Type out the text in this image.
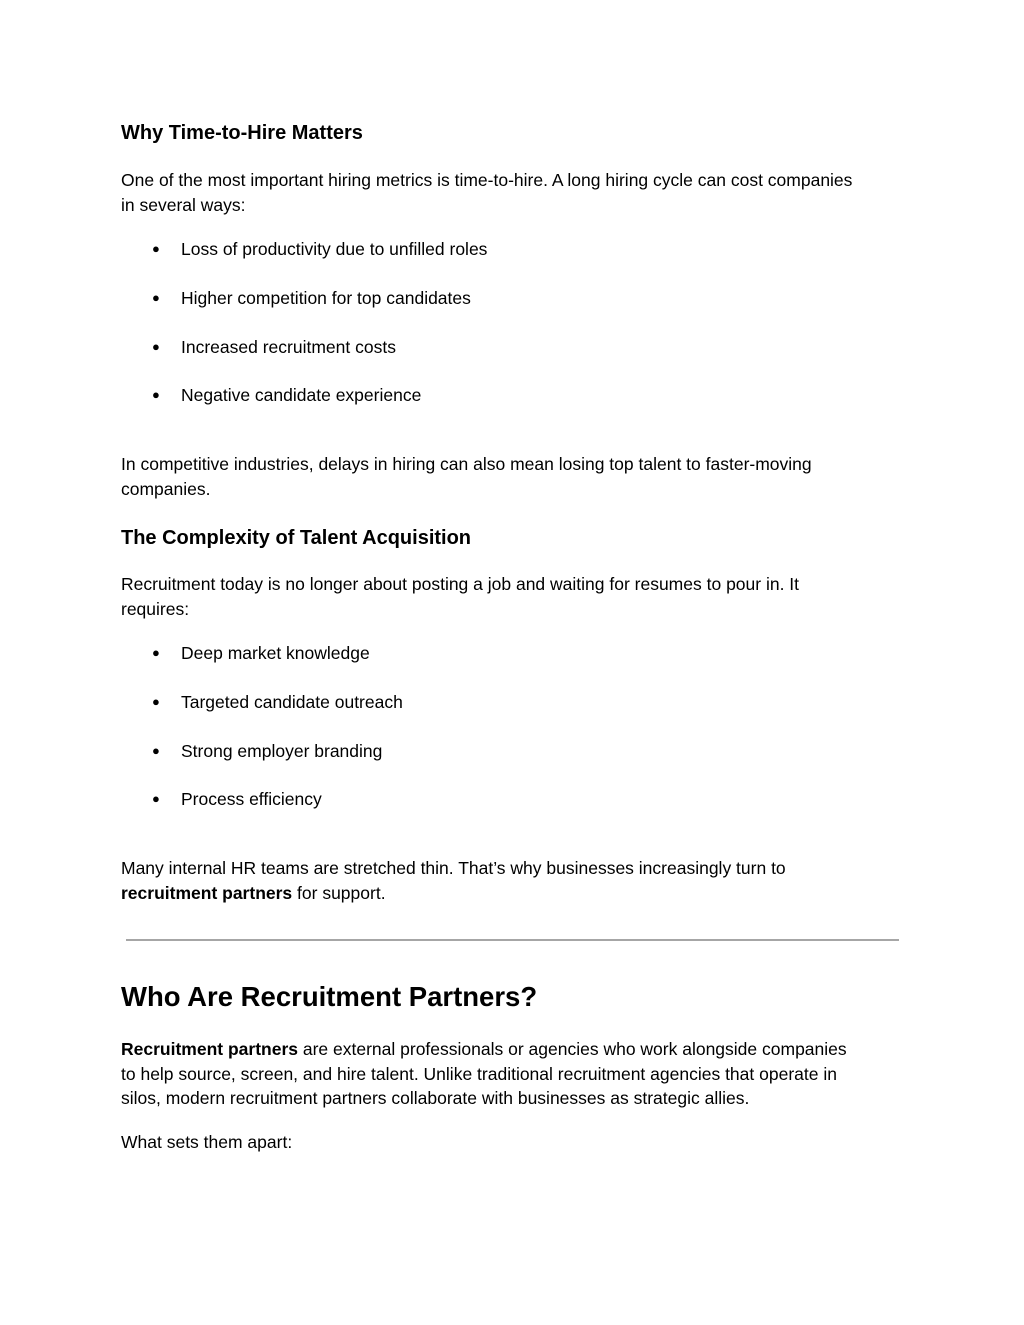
Why Time-to-Hire Matters

One of the most important hiring metrics is time-to-hire. A long hiring cycle can cost companies
in several ways:

● Loss of productivity due to unfilled roles
● Higher competition for top candidates
● Increased recruitment costs
● Negative candidate experience

In competitive industries, delays in hiring can also mean losing top talent to faster-moving
companies.

The Complexity of Talent Acquisition

Recruitment today is no longer about posting a job and waiting for resumes to pour in. It
requires:

● Deep market knowledge
● Targeted candidate outreach
● Strong employer branding
● Process efficiency

Many internal HR teams are stretched thin. That’s why businesses increasingly turn to
recruitment partners for support.

Who Are Recruitment Partners?

Recruitment partners are external professionals or agencies who work alongside companies
to help source, screen, and hire talent. Unlike traditional recruitment agencies that operate in
silos, modern recruitment partners collaborate with businesses as strategic allies.

What sets them apart:
